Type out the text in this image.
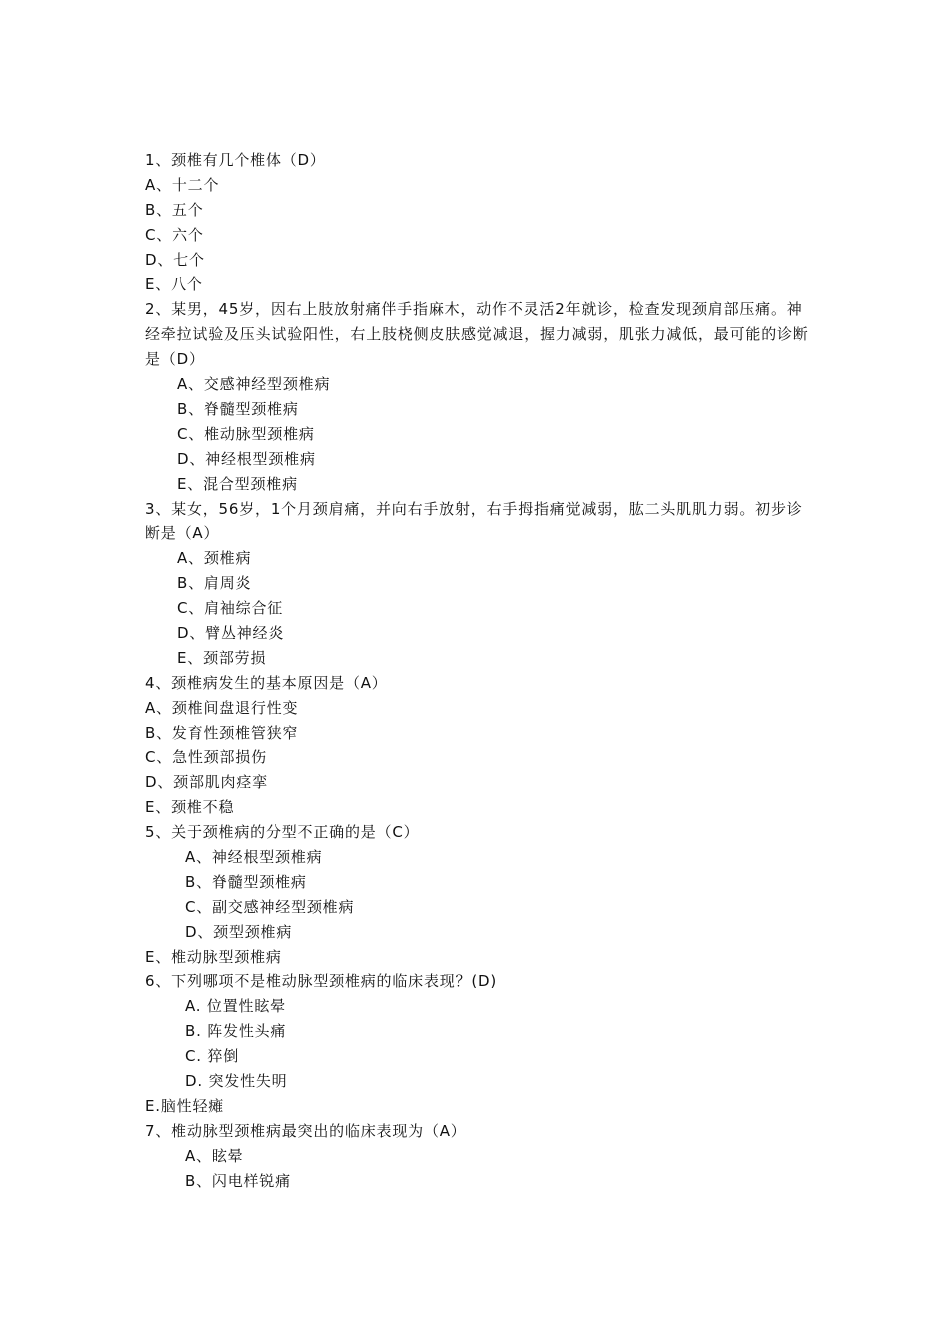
1、颈椎有几个椎体（D）
A、十二个
B、五个
C、六个
D、七个
E、八个
2、某男，45岁，因右上肢放射痛伴手指麻木，动作不灵活2年就诊，检查发现颈肩部压痛。神经牵拉试验及压头试验阳性，右上肢桡侧皮肤感觉减退，握力减弱，肌张力减低，最可能的诊断是（D）
A、交感神经型颈椎病
B、脊髓型颈椎病
C、椎动脉型颈椎病
D、神经根型颈椎病
E、混合型颈椎病
3、某女，56岁，1个月颈肩痛，并向右手放射，右手拇指痛觉减弱，肱二头肌肌力弱。初步诊断是（A）
A、颈椎病
B、肩周炎
C、肩袖综合征
D、臂丛神经炎
E、颈部劳损
4、颈椎病发生的基本原因是（A）
A、颈椎间盘退行性变
B、发育性颈椎管狭窄
C、急性颈部损伤
D、颈部肌肉痉挛
E、颈椎不稳
5、关于颈椎病的分型不正确的是（C）
A、神经根型颈椎病
B、脊髓型颈椎病
C、副交感神经型颈椎病
D、颈型颈椎病
E、椎动脉型颈椎病
6、下列哪项不是椎动脉型颈椎病的临床表现？(D)
A. 位置性眩晕
B. 阵发性头痛
C. 猝倒
D. 突发性失明
E.脑性轻瘫
7、椎动脉型颈椎病最突出的临床表现为（A）
A、眩晕
B、闪电样锐痛
